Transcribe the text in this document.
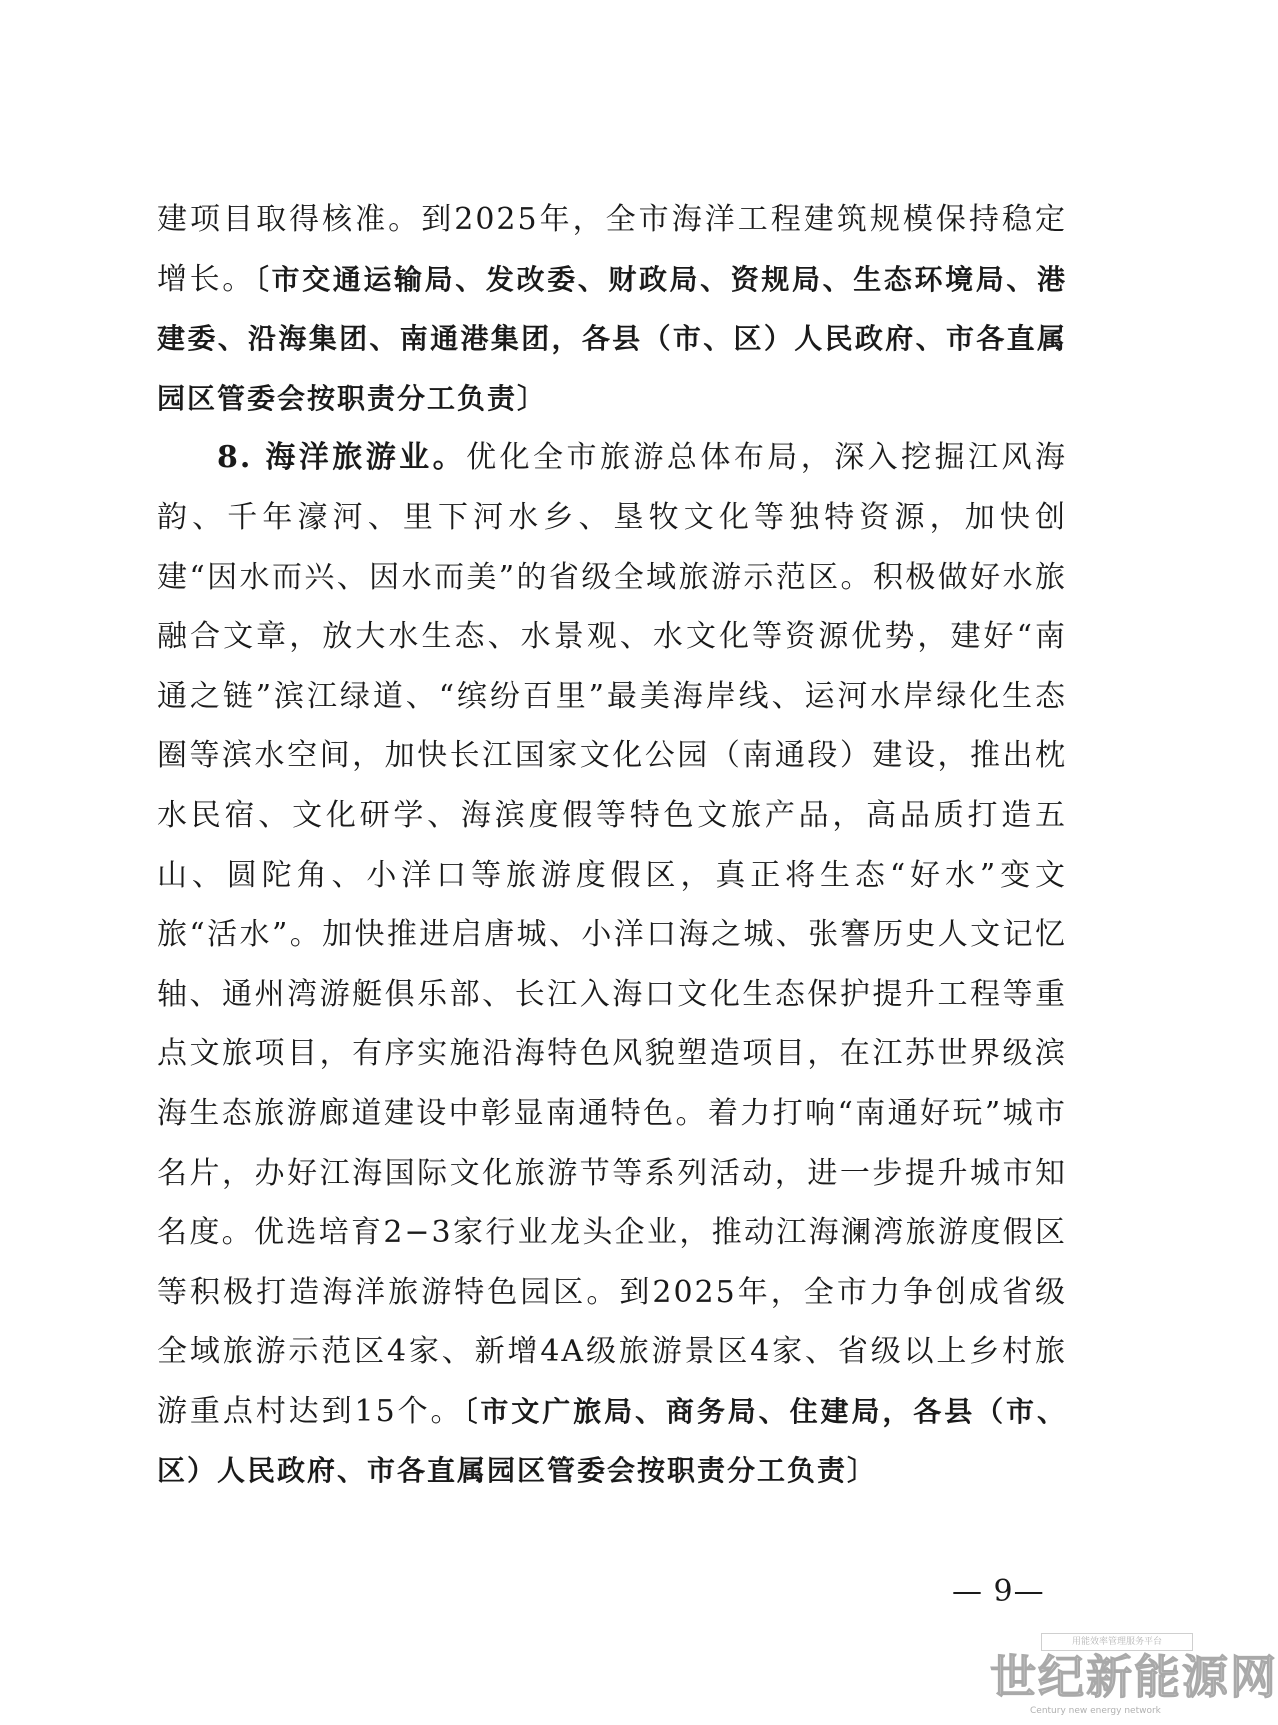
建项目取得核准。到2025年，全市海洋工程建筑规模保持稳定增长。〔市交通运输局、发改委、财政局、资规局、生态环境局、港建委、沿海集团、南通港集团，各县（市、区）人民政府、市各直属园区管委会按职责分工负责〕

8. 海洋旅游业。优化全市旅游总体布局，深入挖掘江风海韵、千年濠河、里下河水乡、垦牧文化等独特资源，加快创建“因水而兴、因水而美”的省级全域旅游示范区。积极做好水旅融合文章，放大水生态、水景观、水文化等资源优势，建好“南通之链”滨江绿道、“缤纷百里”最美海岸线、运河水岸绿化生态圈等滨水空间，加快长江国家文化公园（南通段）建设，推出枕水民宿、文化研学、海滨度假等特色文旅产品，高品质打造五山、圆陀角、小洋口等旅游度假区，真正将生态“好水”变文旅“活水”。加快推进启唐城、小洋口海之城、张謇历史人文记忆轴、通州湾游艇俱乐部、长江入海口文化生态保护提升工程等重点文旅项目，有序实施沿海特色风貌塑造项目，在江苏世界级滨海生态旅游廊道建设中彰显南通特色。着力打响“南通好玩”城市名片，办好江海国际文化旅游节等系列活动，进一步提升城市知名度。优选培育2−3家行业龙头企业，推动江海澜湾旅游度假区等积极打造海洋旅游特色园区。到2025年，全市力争创成省级全域旅游示范区4家、新增4A级旅游景区4家、省级以上乡村旅游重点村达到15个。〔市文广旅局、商务局、住建局，各县（市、区）人民政府、市各直属园区管委会按职责分工负责〕

— 9—
用能效率管理服务平台
世纪新能源网
Century new energy network
